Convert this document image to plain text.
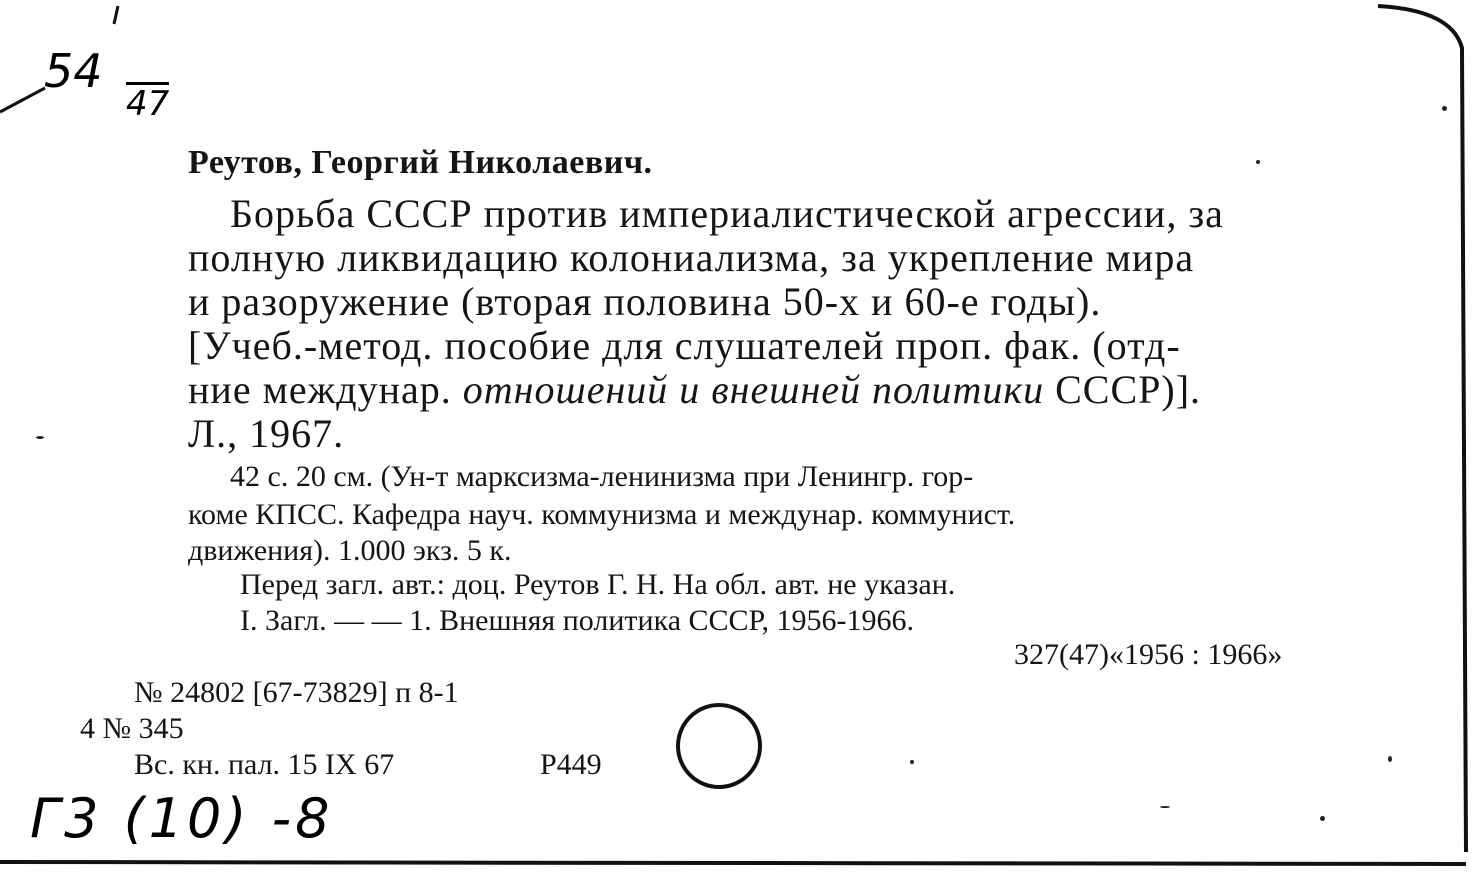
54
47
Реутов, Георгий Николаевич.
Борьба СССР против империалистической агрессии, за
полную ликвидацию колониализма, за укрепление мира
и разоружение (вторая половина 50-х и 60-е годы).
[Учеб.-метод. пособие для слушателей проп. фак. (отд-
ние междунар. отношений и внешней политики СССР)].
Л., 1967.
42 с. 20 см. (Ун-т марксизма-ленинизма при Ленингр. гор-
коме КПСС. Кафедра науч. коммунизма и междунар. коммунист.
движения). 1.000 экз. 5 к.
Перед загл. авт.: доц. Реутов Г. Н. На обл. авт. не указан.
I. Загл. — — 1. Внешняя политика СССР, 1956-1966.
327(47)«1956 : 1966»
№ 24802 [67-73829] п 8-1
4 № 345
Вс. кн. пал. 15 IX 67	Р449
Г3 (10) -8
